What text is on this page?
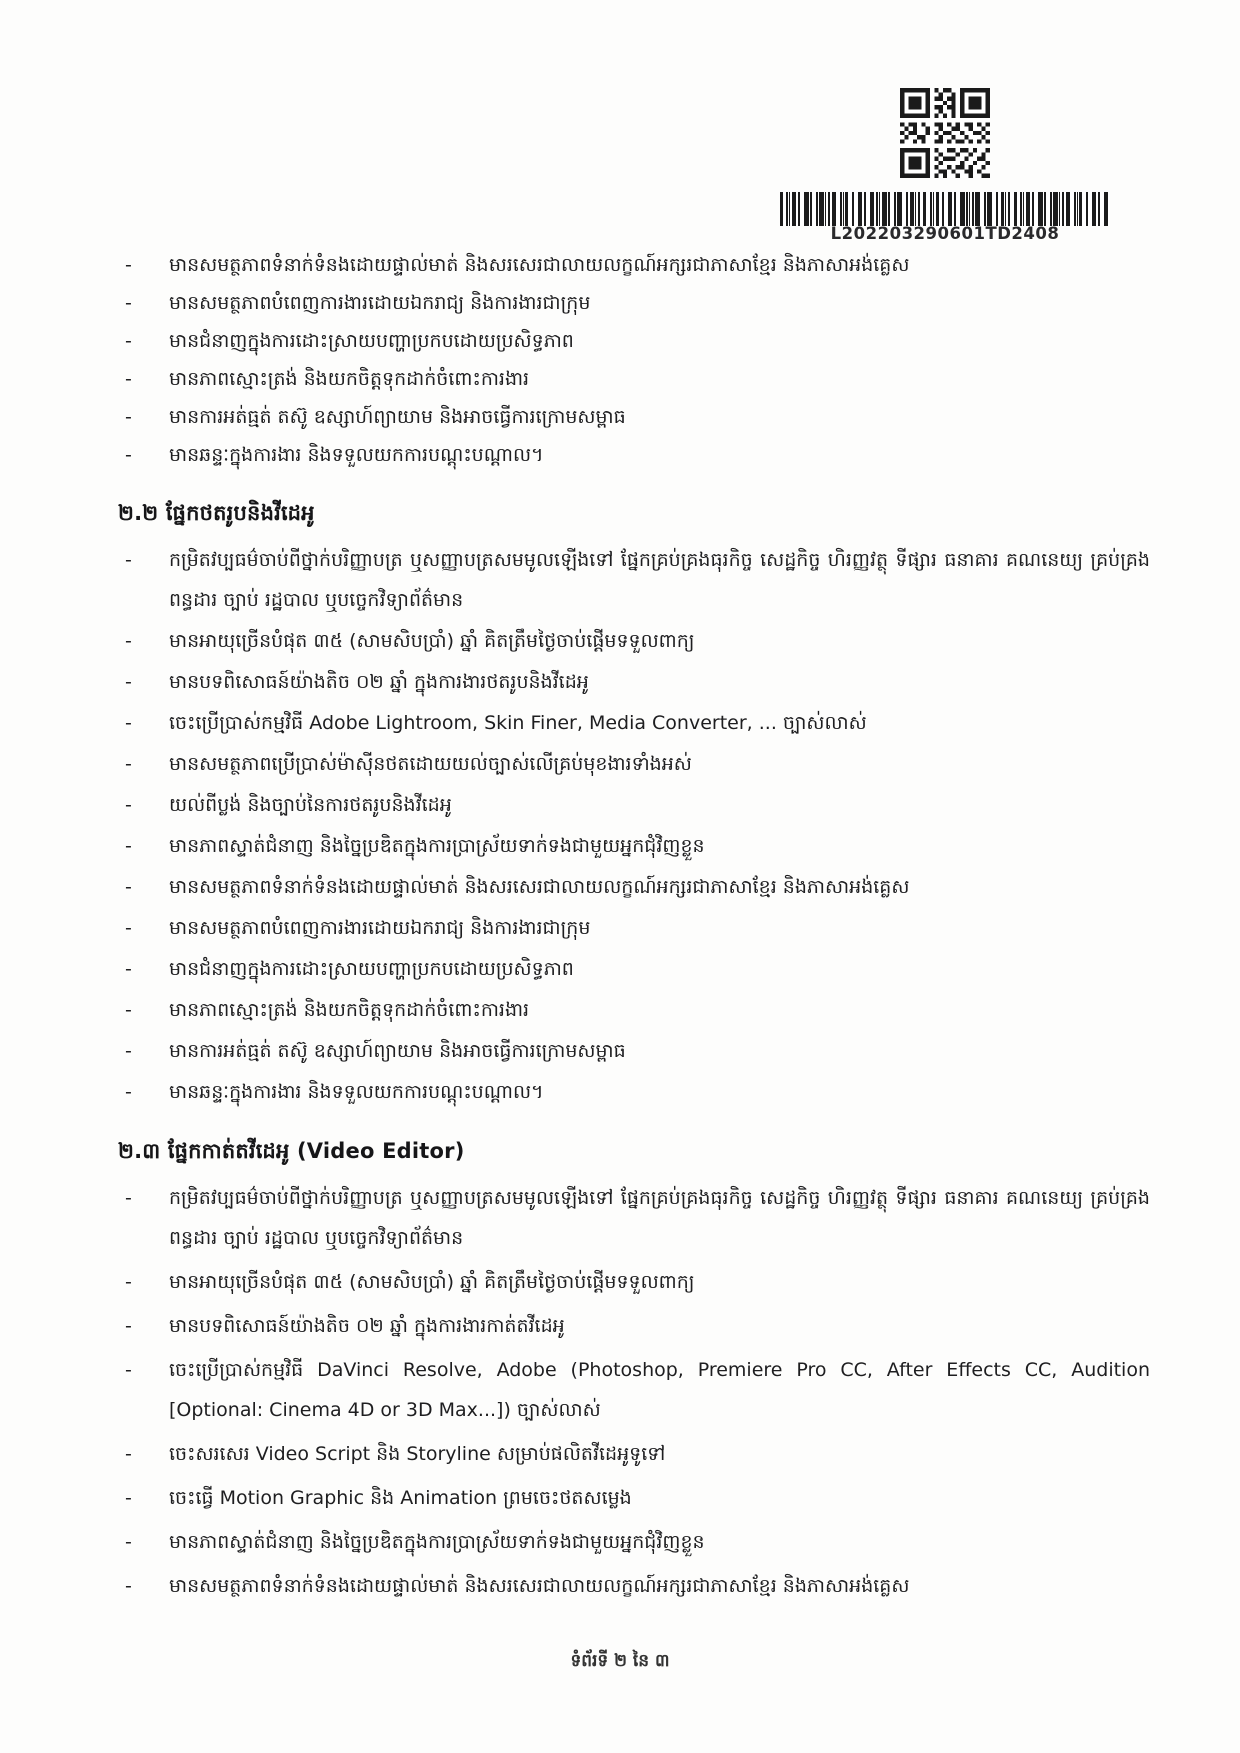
L202203290601TD2408
-	មានសមត្ថភាពទំនាក់ទំនងដោយផ្ទាល់មាត់ និងសរសេរជាលាយលក្ខណ៍អក្សរជាភាសាខ្មែរ និងភាសាអង់គ្លេស
-	មានសមត្ថភាពបំពេញការងារដោយឯករាជ្យ និងការងារជាក្រុម
-	មានជំនាញក្នុងការដោះស្រាយបញ្ហាប្រកបដោយប្រសិទ្ធភាព
-	មានភាពស្មោះត្រង់ និងយកចិត្តទុកដាក់ចំពោះការងារ
-	មានការអត់ធ្មត់ តស៊ូ ឧស្សាហ៍ព្យាយាម និងអាចធ្វើការក្រោមសម្ពាធ
-	មានឆន្ទៈក្នុងការងារ និងទទួលយកការបណ្ដុះបណ្ដាល។
២.២ ផ្នែកថតរូបនិងវីដេអូ
-	កម្រិតវប្បធម៌ចាប់ពីថ្នាក់បរិញ្ញាបត្រ ឬសញ្ញាបត្រសមមូលឡើងទៅ ផ្នែកគ្រប់គ្រងធុរកិច្ច សេដ្ឋកិច្ច ហិរញ្ញវត្ថុ ទីផ្សារ ធនាគារ គណនេយ្យ គ្រប់គ្រង ពន្ធដារ ច្បាប់ រដ្ឋបាល ឬបច្ចេកវិទ្យាព័ត៌មាន
-	មានអាយុច្រើនបំផុត ៣៥ (សាមសិបប្រាំ) ឆ្នាំ គិតត្រឹមថ្ងៃចាប់ផ្ដើមទទួលពាក្យ
-	មានបទពិសោធន៍យ៉ាងតិច ០២ ឆ្នាំ ក្នុងការងារថតរូបនិងវីដេអូ
-	ចេះប្រើប្រាស់កម្មវិធី Adobe Lightroom, Skin Finer, Media Converter, ... ច្បាស់លាស់
-	មានសមត្ថភាពប្រើប្រាស់ម៉ាស៊ីនថតដោយយល់ច្បាស់លើគ្រប់មុខងារទាំងអស់
-	យល់ពីប្លង់ និងច្បាប់នៃការថតរូបនិងវីដេអូ
-	មានភាពស្ទាត់ជំនាញ និងច្នៃប្រឌិតក្នុងការប្រាស្រ័យទាក់ទងជាមួយអ្នកជុំវិញខ្លួន
-	មានសមត្ថភាពទំនាក់ទំនងដោយផ្ទាល់មាត់ និងសរសេរជាលាយលក្ខណ៍អក្សរជាភាសាខ្មែរ និងភាសាអង់គ្លេស
-	មានសមត្ថភាពបំពេញការងារដោយឯករាជ្យ និងការងារជាក្រុម
-	មានជំនាញក្នុងការដោះស្រាយបញ្ហាប្រកបដោយប្រសិទ្ធភាព
-	មានភាពស្មោះត្រង់ និងយកចិត្តទុកដាក់ចំពោះការងារ
-	មានការអត់ធ្មត់ តស៊ូ ឧស្សាហ៍ព្យាយាម និងអាចធ្វើការក្រោមសម្ពាធ
-	មានឆន្ទៈក្នុងការងារ និងទទួលយកការបណ្ដុះបណ្ដាល។
២.៣ ផ្នែកកាត់តវីដេអូ (Video Editor)
-	កម្រិតវប្បធម៌ចាប់ពីថ្នាក់បរិញ្ញាបត្រ ឬសញ្ញាបត្រសមមូលឡើងទៅ ផ្នែកគ្រប់គ្រងធុរកិច្ច សេដ្ឋកិច្ច ហិរញ្ញវត្ថុ ទីផ្សារ ធនាគារ គណនេយ្យ គ្រប់គ្រង ពន្ធដារ ច្បាប់ រដ្ឋបាល ឬបច្ចេកវិទ្យាព័ត៌មាន
-	មានអាយុច្រើនបំផុត ៣៥ (សាមសិបប្រាំ) ឆ្នាំ គិតត្រឹមថ្ងៃចាប់ផ្ដើមទទួលពាក្យ
-	មានបទពិសោធន៍យ៉ាងតិច ០២ ឆ្នាំ ក្នុងការងារកាត់តវីដេអូ
-	ចេះប្រើប្រាស់កម្មវិធី DaVinci Resolve, Adobe (Photoshop, Premiere Pro CC, After Effects CC, Audition [Optional: Cinema 4D or 3D Max...]) ច្បាស់លាស់
-	ចេះសរសេរ Video Script និង Storyline សម្រាប់ផលិតវីដេអូទូទៅ
-	ចេះធ្វើ Motion Graphic និង Animation ព្រមចេះថតសម្លេង
-	មានភាពស្ទាត់ជំនាញ និងច្នៃប្រឌិតក្នុងការប្រាស្រ័យទាក់ទងជាមួយអ្នកជុំវិញខ្លួន
-	មានសមត្ថភាពទំនាក់ទំនងដោយផ្ទាល់មាត់ និងសរសេរជាលាយលក្ខណ៍អក្សរជាភាសាខ្មែរ និងភាសាអង់គ្លេស
ទំព័រទី ២ នៃ ៣
